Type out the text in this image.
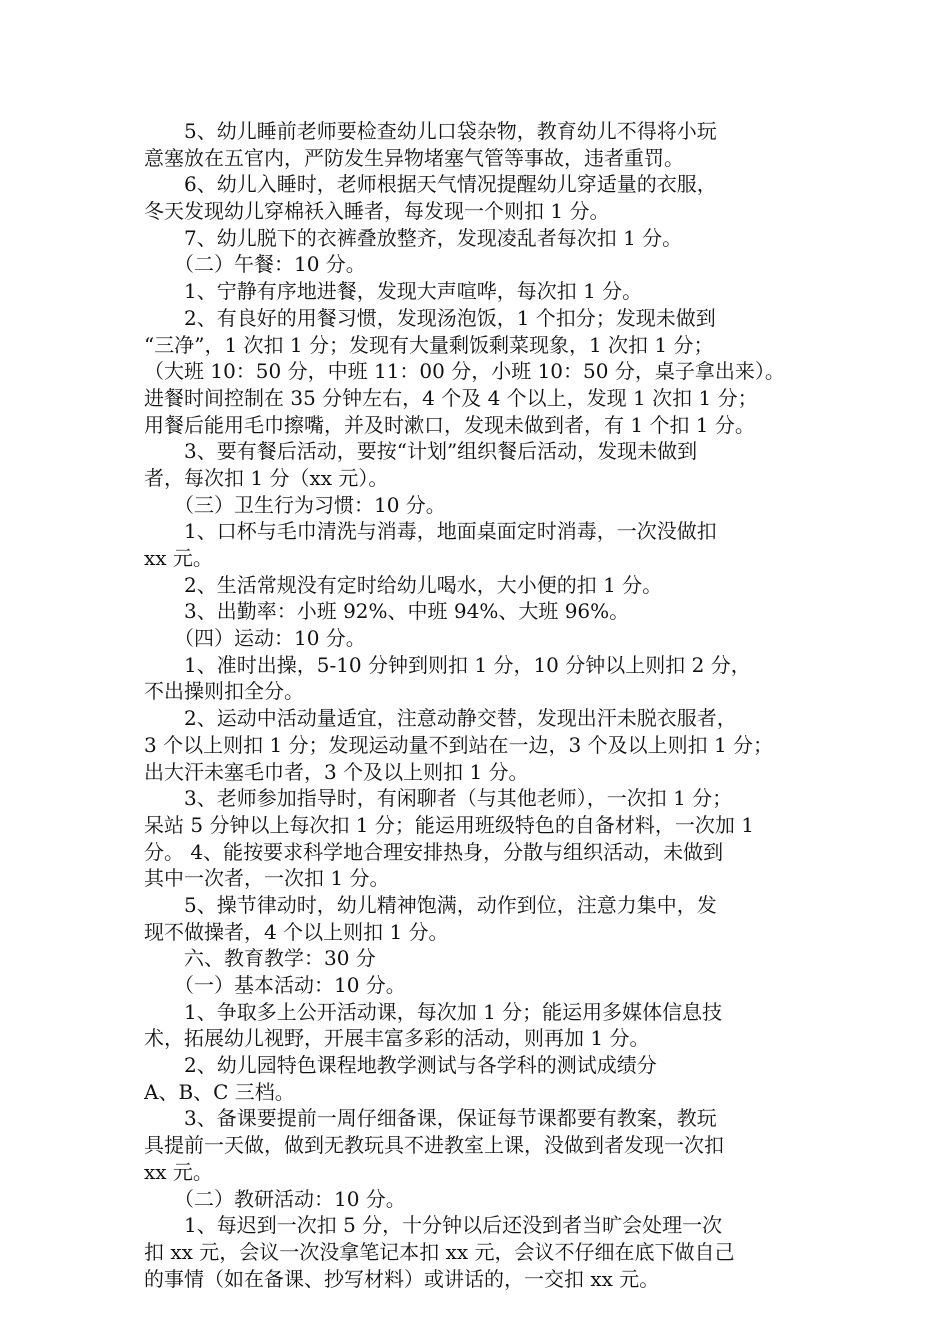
　　5、幼儿睡前老师要检查幼儿口袋杂物，教育幼儿不得将小玩
意塞放在五官内，严防发生异物堵塞气管等事故，违者重罚。
　　6、幼儿入睡时，老师根据天气情况提醒幼儿穿适量的衣服，
冬天发现幼儿穿棉袄入睡者，每发现一个则扣 1 分。
　　7、幼儿脱下的衣裤叠放整齐，发现凌乱者每次扣 1 分。
　　（二）午餐：10 分。
　　1、宁静有序地进餐，发现大声喧哗，每次扣 1 分。
　　2、有良好的用餐习惯，发现汤泡饭，1 个扣分；发现未做到
“三净”，1 次扣 1 分；发现有大量剩饭剩菜现象，1 次扣 1 分；
（大班 10：50 分，中班 11：00 分，小班 10：50 分，桌子拿出来）。
进餐时间控制在 35 分钟左右，4 个及 4 个以上，发现 1 次扣 1 分；
用餐后能用毛巾擦嘴，并及时漱口，发现未做到者，有 1 个扣 1 分。
　　3、要有餐后活动，要按“计划”组织餐后活动，发现未做到
者，每次扣 1 分（xx 元）。
　　（三）卫生行为习惯：10 分。
　　1、口杯与毛巾清洗与消毒，地面桌面定时消毒，一次没做扣
xx 元。
　　2、生活常规没有定时给幼儿喝水，大小便的扣 1 分。
　　3、出勤率：小班 92%、中班 94%、大班 96%。
　　（四）运动：10 分。
　　1、准时出操，5-10 分钟到则扣 1 分，10 分钟以上则扣 2 分，
不出操则扣全分。
　　2、运动中活动量适宜，注意动静交替，发现出汗未脱衣服者，
3 个以上则扣 1 分；发现运动量不到站在一边，3 个及以上则扣 1 分；
出大汗未塞毛巾者，3 个及以上则扣 1 分。
　　3、老师参加指导时，有闲聊者（与其他老师），一次扣 1 分；
呆站 5 分钟以上每次扣 1 分；能运用班级特色的自备材料，一次加 1
分。 4、能按要求科学地合理安排热身，分散与组织活动，未做到
其中一次者，一次扣 1 分。
　　5、操节律动时，幼儿精神饱满，动作到位，注意力集中，发
现不做操者，4 个以上则扣 1 分。
　　六、教育教学：30 分
　　（一）基本活动：10 分。
　　1、争取多上公开活动课，每次加 1 分；能运用多媒体信息技
术，拓展幼儿视野，开展丰富多彩的活动，则再加 1 分。
　　2、幼儿园特色课程地教学测试与各学科的测试成绩分
A、B、C 三档。
　　3、备课要提前一周仔细备课，保证每节课都要有教案，教玩
具提前一天做，做到无教玩具不进教室上课，没做到者发现一次扣
xx 元。
　　（二）教研活动：10 分。
　　1、每迟到一次扣 5 分，十分钟以后还没到者当旷会处理一次
扣 xx 元，会议一次没拿笔记本扣 xx 元，会议不仔细在底下做自己
的事情（如在备课、抄写材料）或讲话的，一交扣 xx 元。
